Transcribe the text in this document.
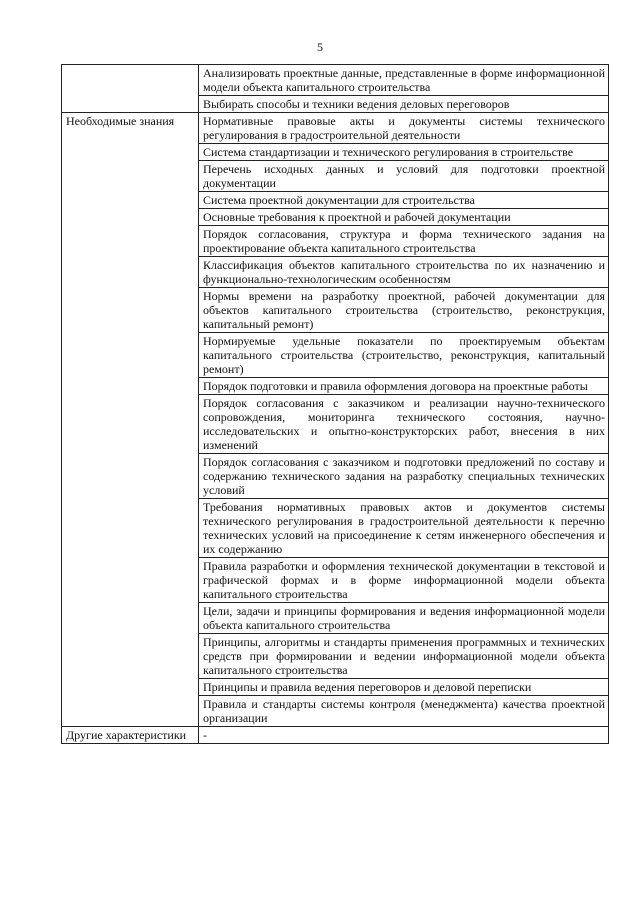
5
	Анализировать проектные данные, представленные в форме информационной модели объекта капитального строительства
	Выбирать способы и техники ведения деловых переговоров
Необходимые знания	Нормативные правовые акты и документы системы технического регулирования в градостроительной деятельности
	Система стандартизации и технического регулирования в строительстве
	Перечень исходных данных и условий для подготовки проектной документации
	Система проектной документации для строительства
	Основные требования к проектной и рабочей документации
	Порядок согласования, структура и форма технического задания на проектирование объекта капитального строительства
	Классификация объектов капитального строительства по их назначению и функционально-технологическим особенностям
	Нормы времени на разработку проектной, рабочей документации для объектов капитального строительства (строительство, реконструкция, капитальный ремонт)
	Нормируемые удельные показатели по проектируемым объектам капитального строительства (строительство, реконструкция, капитальный ремонт)
	Порядок подготовки и правила оформления договора на проектные работы
	Порядок согласования с заказчиком и реализации научно-технического сопровождения, мониторинга технического состояния, научно-исследовательских и опытно-конструкторских работ, внесения в них изменений
	Порядок согласования с заказчиком и подготовки предложений по составу и содержанию технического задания на разработку специальных технических условий
	Требования нормативных правовых актов и документов системы технического регулирования в градостроительной деятельности к перечню технических условий на присоединение к сетям инженерного обеспечения и их содержанию
	Правила разработки и оформления технической документации в текстовой и графической формах и в форме информационной модели объекта капитального строительства
	Цели, задачи и принципы формирования и ведения информационной модели объекта капитального строительства
	Принципы, алгоритмы и стандарты применения программных и технических средств при формировании и ведении информационной модели объекта капитального строительства
	Принципы и правила ведения переговоров и деловой переписки
	Правила и стандарты системы контроля (менеджмента) качества проектной организации
Другие характеристики	-
